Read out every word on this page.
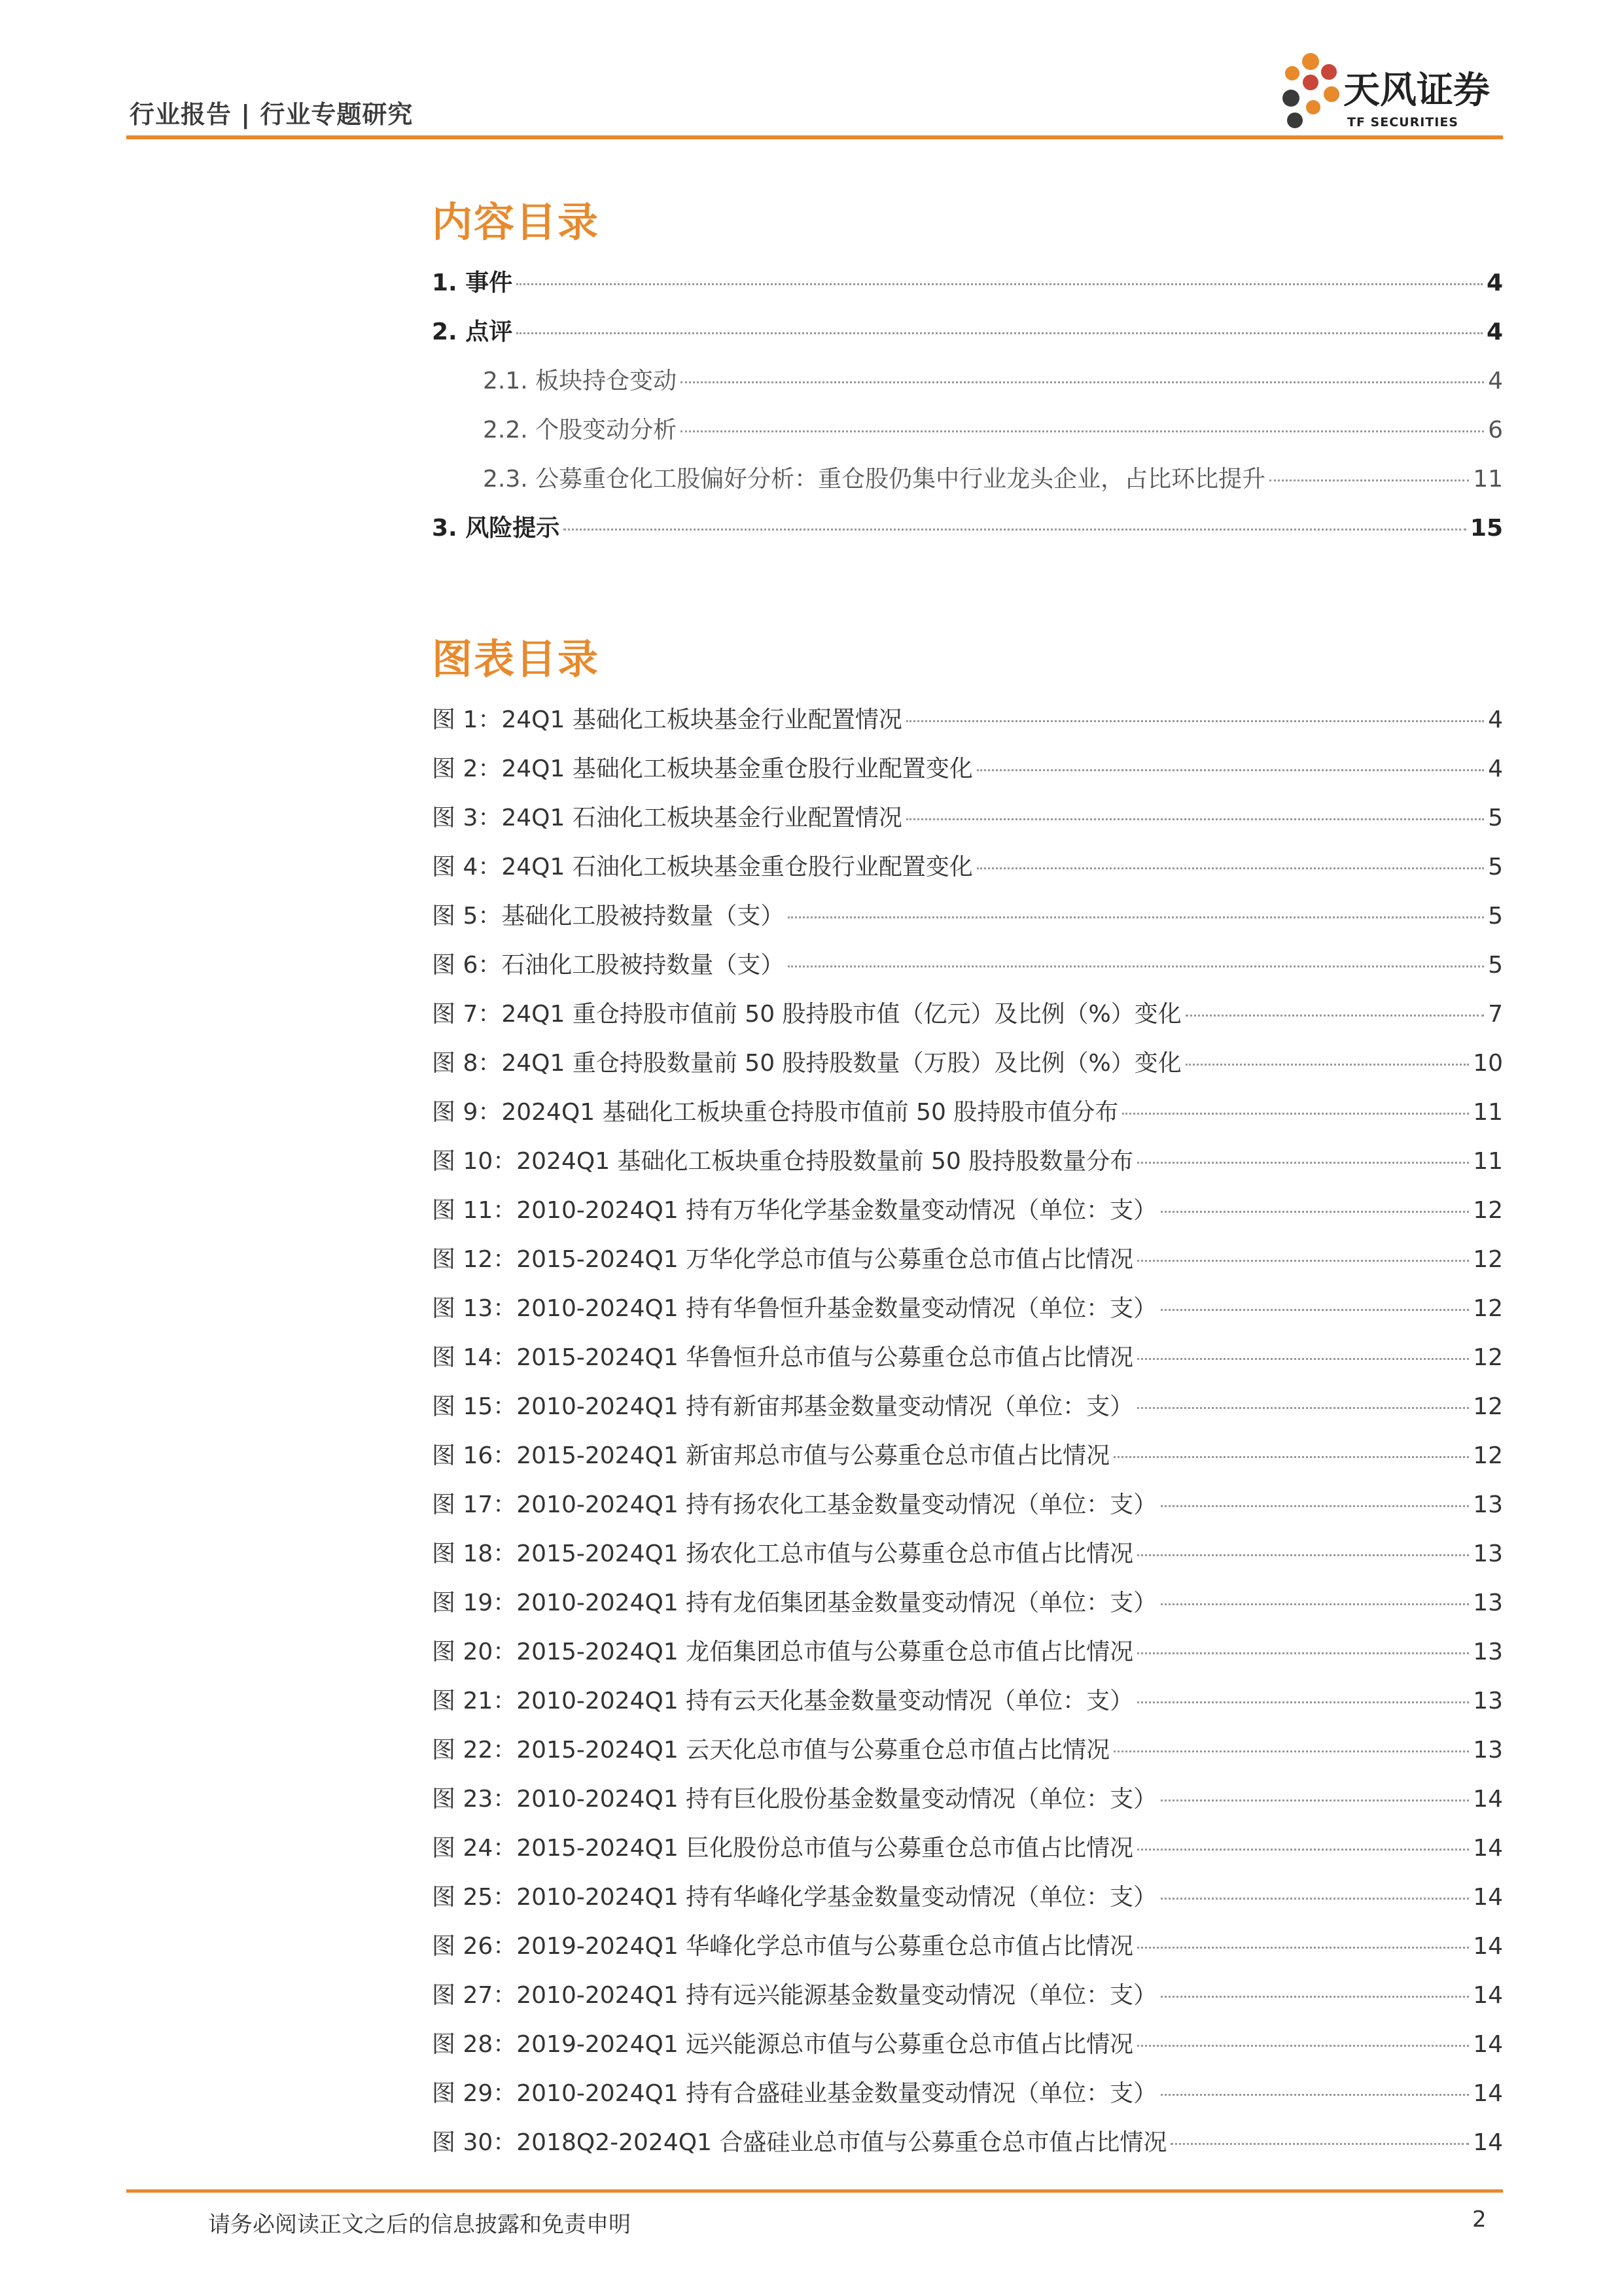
行业报告 | 行业专题研究
天风证券
TF SECURITIES
内容目录
1. 事件	4
2. 点评	4
2.1. 板块持仓变动	4
2.2. 个股变动分析	6
2.3. 公募重仓化工股偏好分析：重仓股仍集中行业龙头企业，占比环比提升	11
3. 风险提示	15
图表目录
图 1：24Q1 基础化工板块基金行业配置情况	4
图 2：24Q1 基础化工板块基金重仓股行业配置变化	4
图 3：24Q1 石油化工板块基金行业配置情况	5
图 4：24Q1 石油化工板块基金重仓股行业配置变化	5
图 5：基础化工股被持数量（支）	5
图 6：石油化工股被持数量（支）	5
图 7：24Q1 重仓持股市值前 50 股持股市值（亿元）及比例（%）变化	7
图 8：24Q1 重仓持股数量前 50 股持股数量（万股）及比例（%）变化	10
图 9：2024Q1 基础化工板块重仓持股市值前 50 股持股市值分布	11
图 10：2024Q1 基础化工板块重仓持股数量前 50 股持股数量分布	11
图 11：2010-2024Q1 持有万华化学基金数量变动情况（单位：支）	12
图 12：2015-2024Q1 万华化学总市值与公募重仓总市值占比情况	12
图 13：2010-2024Q1 持有华鲁恒升基金数量变动情况（单位：支）	12
图 14：2015-2024Q1 华鲁恒升总市值与公募重仓总市值占比情况	12
图 15：2010-2024Q1 持有新宙邦基金数量变动情况（单位：支）	12
图 16：2015-2024Q1 新宙邦总市值与公募重仓总市值占比情况	12
图 17：2010-2024Q1 持有扬农化工基金数量变动情况（单位：支）	13
图 18：2015-2024Q1 扬农化工总市值与公募重仓总市值占比情况	13
图 19：2010-2024Q1 持有龙佰集团基金数量变动情况（单位：支）	13
图 20：2015-2024Q1 龙佰集团总市值与公募重仓总市值占比情况	13
图 21：2010-2024Q1 持有云天化基金数量变动情况（单位：支）	13
图 22：2015-2024Q1 云天化总市值与公募重仓总市值占比情况	13
图 23：2010-2024Q1 持有巨化股份基金数量变动情况（单位：支）	14
图 24：2015-2024Q1 巨化股份总市值与公募重仓总市值占比情况	14
图 25：2010-2024Q1 持有华峰化学基金数量变动情况（单位：支）	14
图 26：2019-2024Q1 华峰化学总市值与公募重仓总市值占比情况	14
图 27：2010-2024Q1 持有远兴能源基金数量变动情况（单位：支）	14
图 28：2019-2024Q1 远兴能源总市值与公募重仓总市值占比情况	14
图 29：2010-2024Q1 持有合盛硅业基金数量变动情况（单位：支）	14
图 30：2018Q2-2024Q1 合盛硅业总市值与公募重仓总市值占比情况	14
请务必阅读正文之后的信息披露和免责申明	2
